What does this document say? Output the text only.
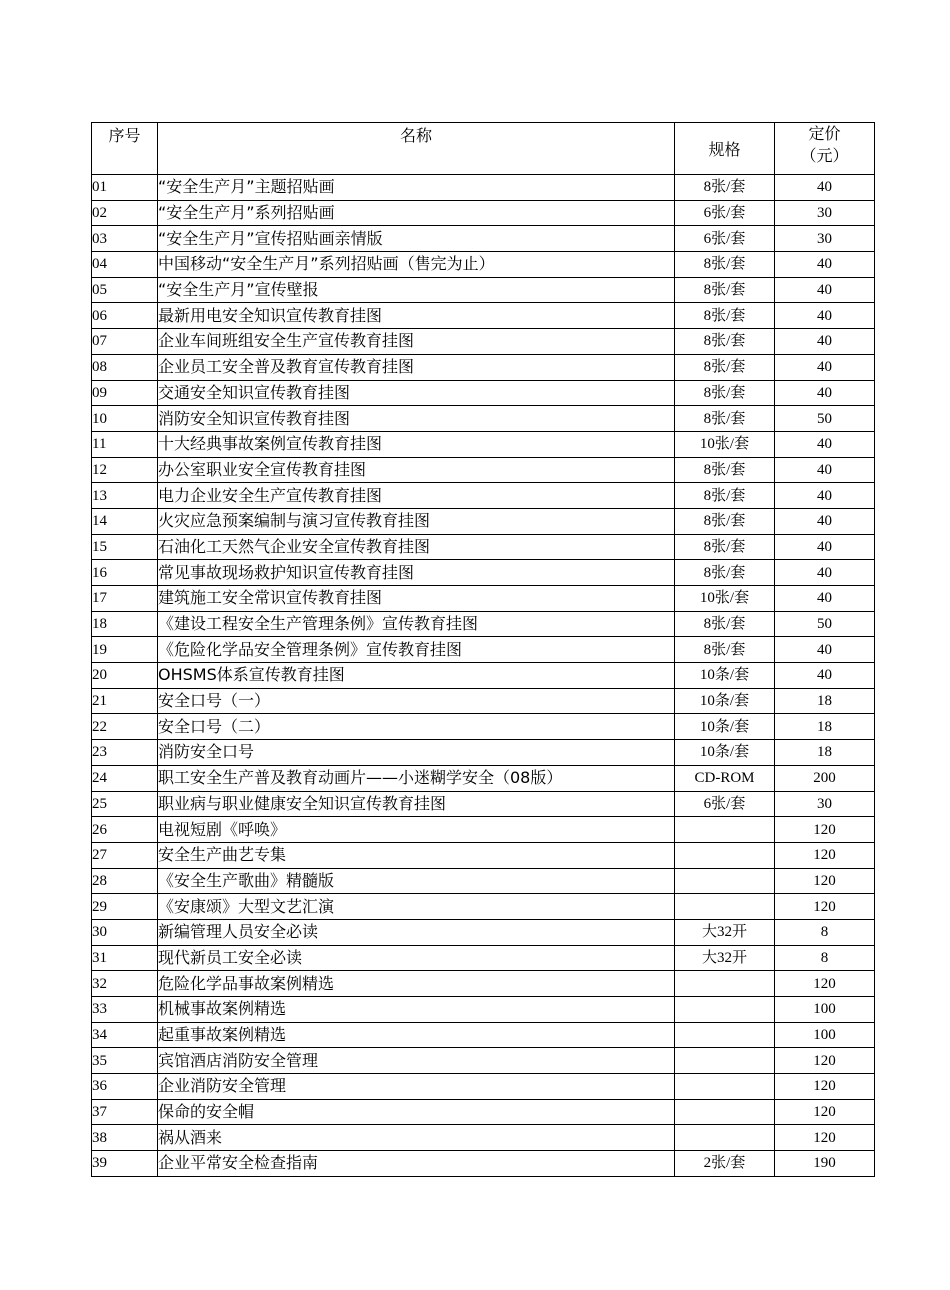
序号	名称	规格	定价
（元）

01	“安全生产月”主题招贴画	8张/套	40
02	“安全生产月”系列招贴画	6张/套	30
03	“安全生产月”宣传招贴画亲情版	6张/套	30
04	中国移动“安全生产月”系列招贴画（售完为止）	8张/套	40
05	“安全生产月”宣传壁报	8张/套	40
06	最新用电安全知识宣传教育挂图	8张/套	40
07	企业车间班组安全生产宣传教育挂图	8张/套	40
08	企业员工安全普及教育宣传教育挂图	8张/套	40
09	交通安全知识宣传教育挂图	8张/套	40
10	消防安全知识宣传教育挂图	8张/套	50
11	十大经典事故案例宣传教育挂图	10张/套	40
12	办公室职业安全宣传教育挂图	8张/套	40
13	电力企业安全生产宣传教育挂图	8张/套	40
14	火灾应急预案编制与演习宣传教育挂图	8张/套	40
15	石油化工天然气企业安全宣传教育挂图	8张/套	40
16	常见事故现场救护知识宣传教育挂图	8张/套	40
17	建筑施工安全常识宣传教育挂图	10张/套	40
18	《建设工程安全生产管理条例》宣传教育挂图	8张/套	50
19	《危险化学品安全管理条例》宣传教育挂图	8张/套	40
20	OHSMS体系宣传教育挂图	10条/套	40
21	安全口号（一）	10条/套	18
22	安全口号（二）	10条/套	18
23	消防安全口号	10条/套	18
24	职工安全生产普及教育动画片——小迷糊学安全（08版）	CD-ROM	200
25	职业病与职业健康安全知识宣传教育挂图	6张/套	30
26	电视短剧《呼唤》		120
27	安全生产曲艺专集		120
28	《安全生产歌曲》精髓版		120
29	《安康颂》大型文艺汇演		120
30	新编管理人员安全必读	大32开	8
31	现代新员工安全必读	大32开	8
32	危险化学品事故案例精选		120
33	机械事故案例精选		100
34	起重事故案例精选		100
35	宾馆酒店消防安全管理		120
36	企业消防安全管理		120
37	保命的安全帽		120
38	祸从酒来		120
39	企业平常安全检查指南	2张/套	190
